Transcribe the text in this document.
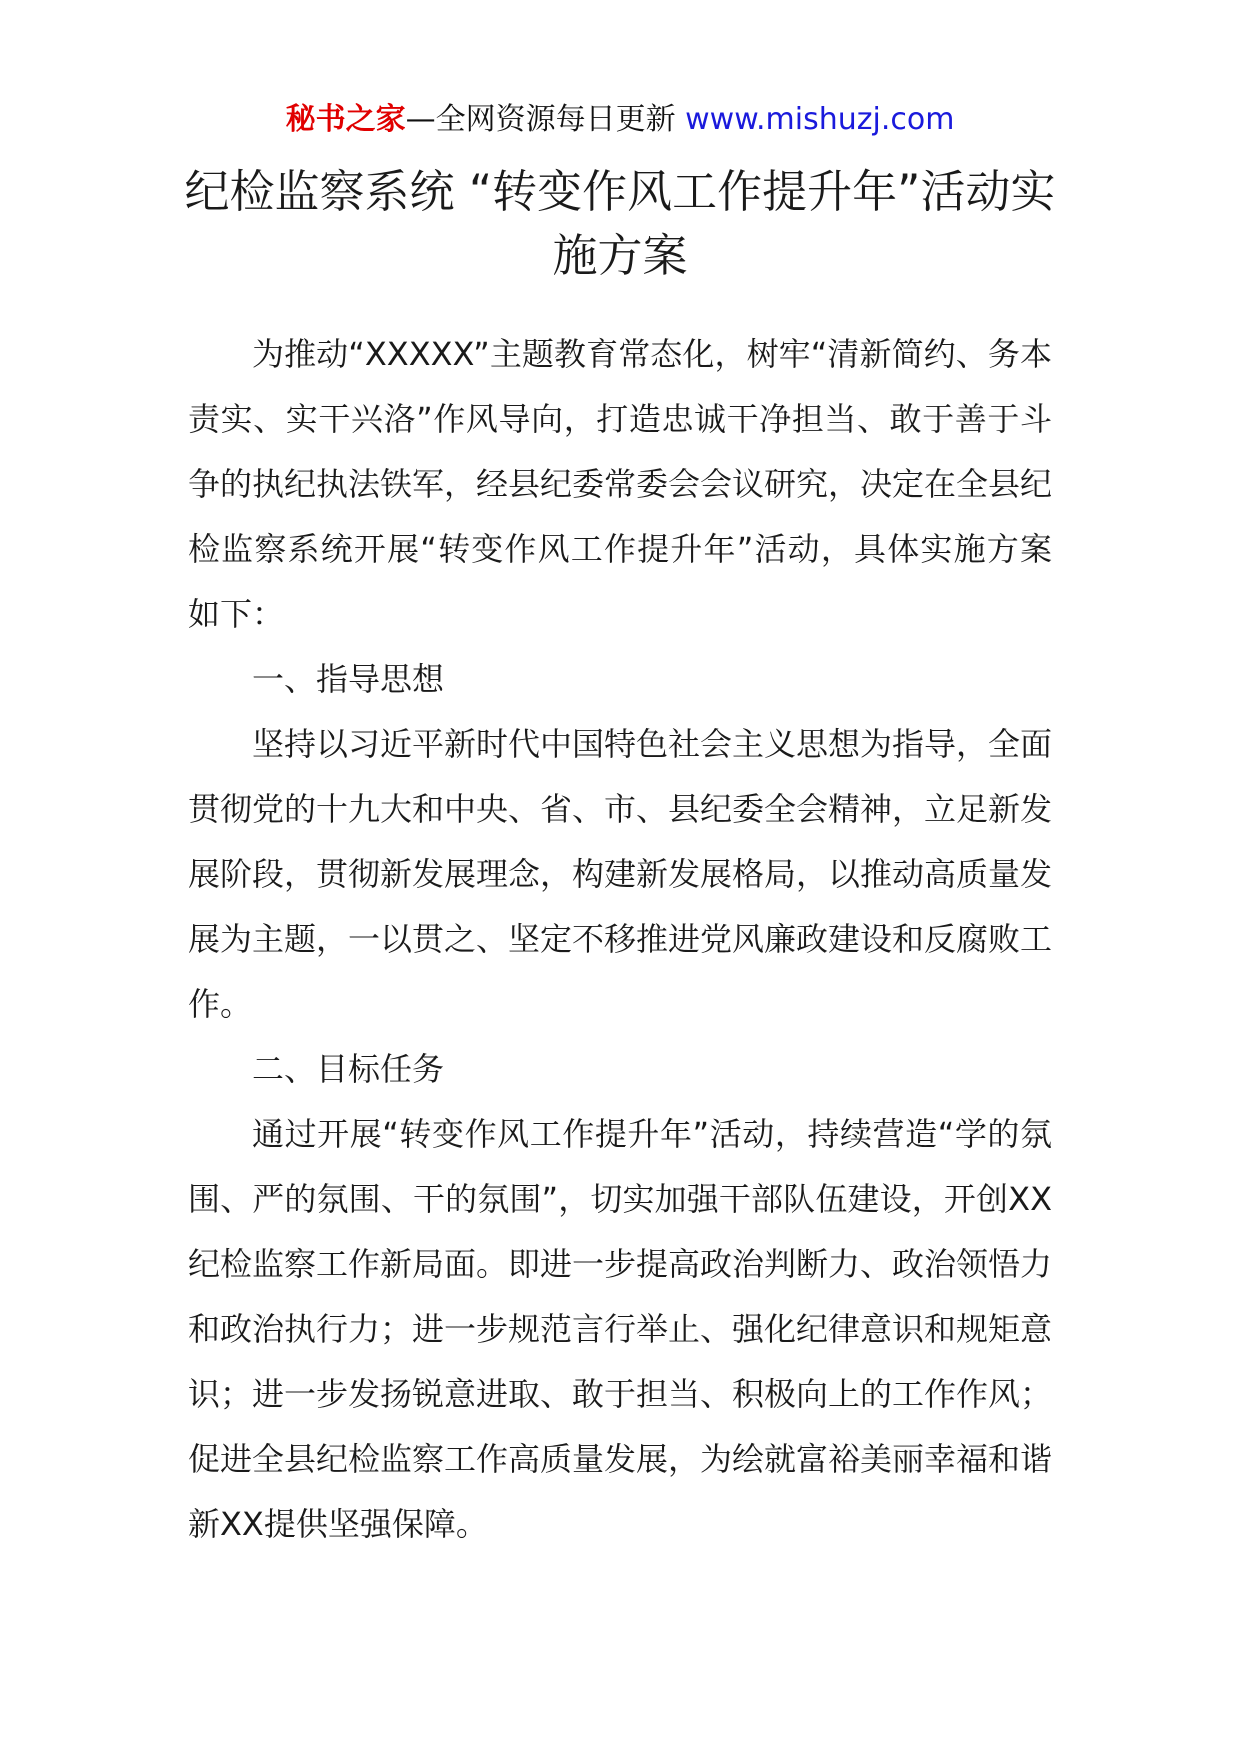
秘书之家—全网资源每日更新 www.mishuzj.com
纪检监察系统 “转变作风工作提升年”活动实施方案

为推动“XXXXX”主题教育常态化，树牢“清新简约、务本责实、实干兴洛”作风导向，打造忠诚干净担当、敢于善于斗争的执纪执法铁军，经县纪委常委会会议研究，决定在全县纪检监察系统开展“转变作风工作提升年”活动，具体实施方案如下：

一、指导思想

坚持以习近平新时代中国特色社会主义思想为指导，全面贯彻党的十九大和中央、省、市、县纪委全会精神，立足新发展阶段，贯彻新发展理念，构建新发展格局，以推动高质量发展为主题，一以贯之、坚定不移推进党风廉政建设和反腐败工作。

二、目标任务

通过开展“转变作风工作提升年”活动，持续营造“学的氛围、严的氛围、干的氛围”，切实加强干部队伍建设，开创XX纪检监察工作新局面。即进一步提高政治判断力、政治领悟力和政治执行力；进一步规范言行举止、强化纪律意识和规矩意识；进一步发扬锐意进取、敢于担当、积极向上的工作作风；促进全县纪检监察工作高质量发展，为绘就富裕美丽幸福和谐新XX提供坚强保障。
